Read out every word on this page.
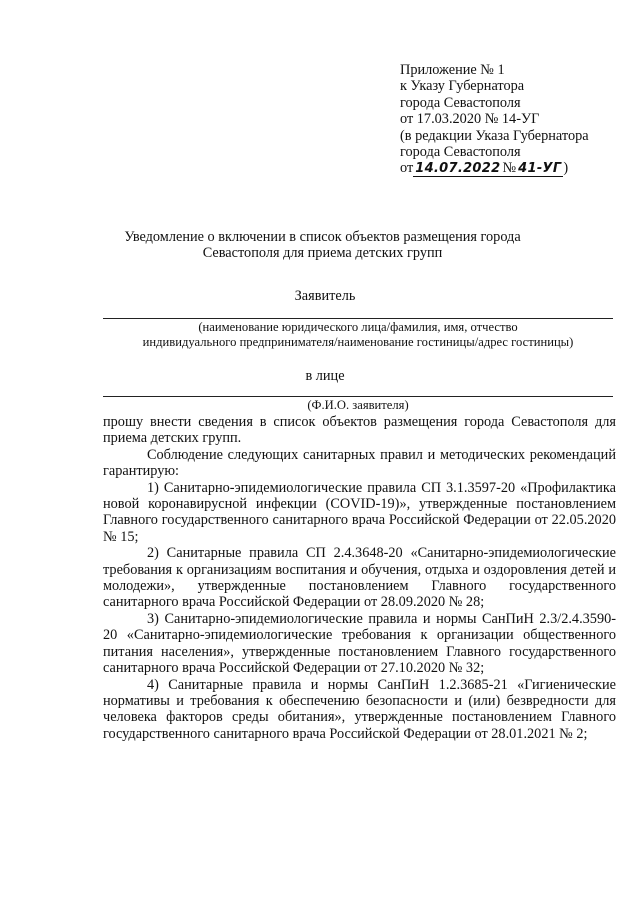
Приложение № 1
к Указу Губернатора
города Севастополя
от 17.03.2020 № 14-УГ
(в редакции Указа Губернатора
города Севастополя
от 14.07.2022 № 41-УГ )
Уведомление о включении в список объектов размещения города
Севастополя для приема детских групп
Заявитель
(наименование юридического лица/фамилия, имя, отчество
индивидуального предпринимателя/наименование гостиницы/адрес гостиницы)
в лице
(Ф.И.О. заявителя)

прошу внести сведения в список объектов размещения города Севастополя для приема детских групп.

Соблюдение следующих санитарных правил и методических рекомендаций гарантирую:

1) Санитарно-эпидемиологические правила СП 3.1.3597-20 «Профилактика новой коронавирусной инфекции (COVID-19)», утвержденные постановлением Главного государственного санитарного врача Российской Федерации от 22.05.2020 № 15;

2) Санитарные правила СП 2.4.3648-20 «Санитарно-эпидемиологические требования к организациям воспитания и обучения, отдыха и оздоровления детей и молодежи», утвержденные постановлением Главного государственного санитарного врача Российской Федерации от 28.09.2020 № 28;

3) Санитарно-эпидемиологические правила и нормы СанПиН 2.3/2.4.3590-20 «Санитарно-эпидемиологические требования к организации общественного питания населения», утвержденные постановлением Главного государственного санитарного врача Российской Федерации от 27.10.2020 № 32;

4) Санитарные правила и нормы СанПиН 1.2.3685-21 «Гигиенические нормативы и требования к обеспечению безопасности и (или) безвредности для человека факторов среды обитания», утвержденные постановлением Главного государственного санитарного врача Российской Федерации от 28.01.2021 № 2;
